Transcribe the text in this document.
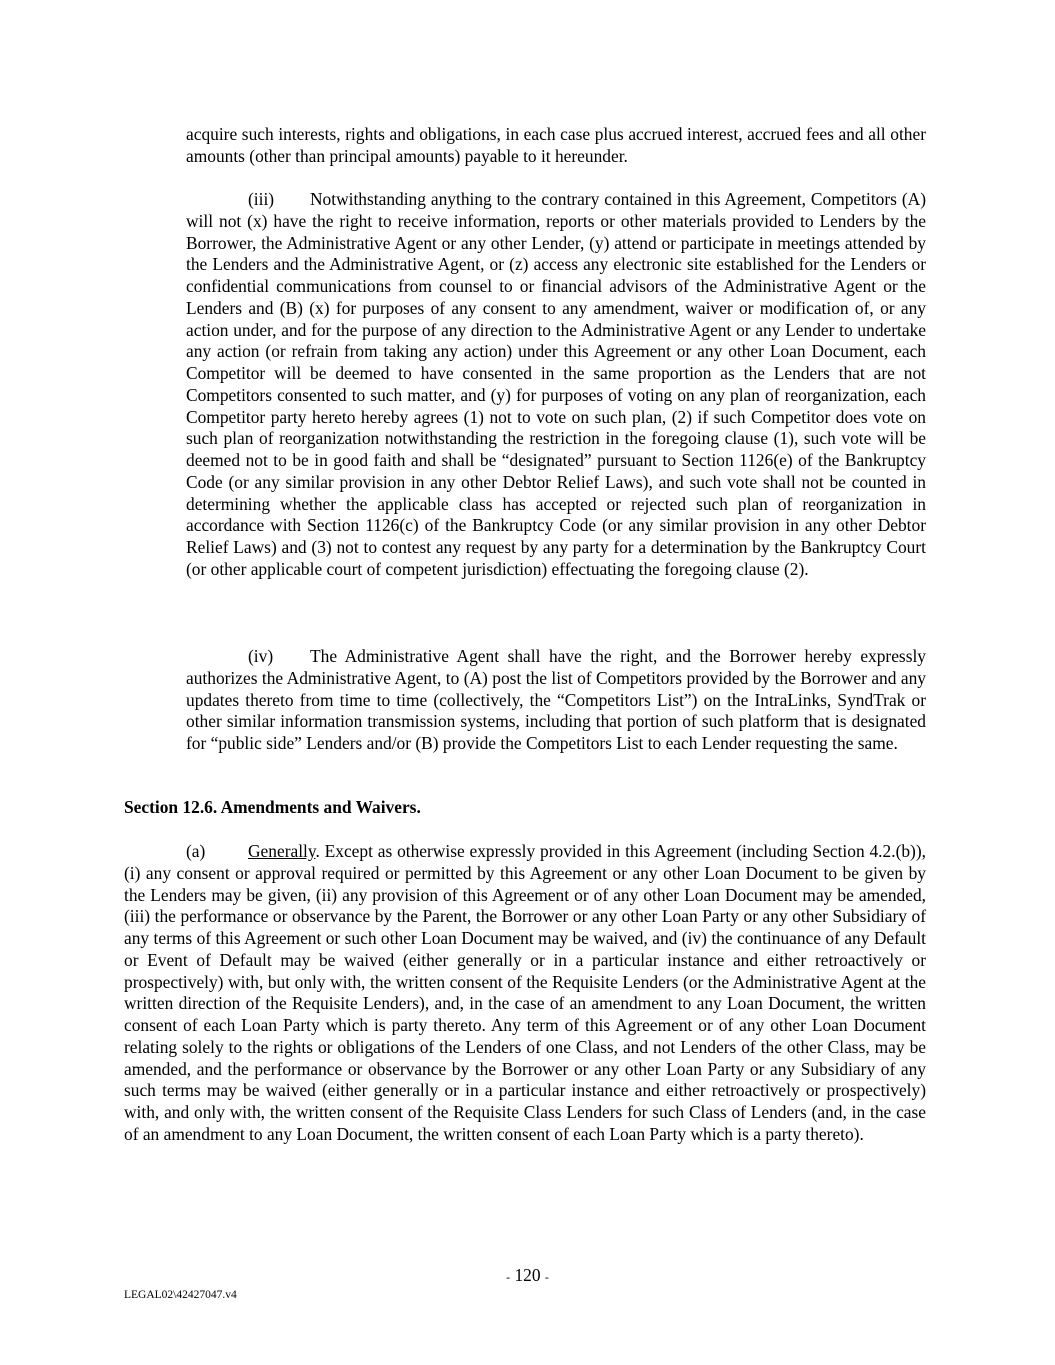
acquire such interests, rights and obligations, in each case plus accrued interest, accrued fees and all other amounts (other than principal amounts) payable to it hereunder.

(iii) Notwithstanding anything to the contrary contained in this Agreement, Competitors (A) will not (x) have the right to receive information, reports or other materials provided to Lenders by the Borrower, the Administrative Agent or any other Lender, (y) attend or participate in meetings attended by the Lenders and the Administrative Agent, or (z) access any electronic site established for the Lenders or confidential communications from counsel to or financial advisors of the Administrative Agent or the Lenders and (B) (x) for purposes of any consent to any amendment, waiver or modification of, or any action under, and for the purpose of any direction to the Administrative Agent or any Lender to undertake any action (or refrain from taking any action) under this Agreement or any other Loan Document, each Competitor will be deemed to have consented in the same proportion as the Lenders that are not Competitors consented to such matter, and (y) for purposes of voting on any plan of reorganization, each Competitor party hereto hereby agrees (1) not to vote on such plan, (2) if such Competitor does vote on such plan of reorganization notwithstanding the restriction in the foregoing clause (1), such vote will be deemed not to be in good faith and shall be “designated” pursuant to Section 1126(e) of the Bankruptcy Code (or any similar provision in any other Debtor Relief Laws), and such vote shall not be counted in determining whether the applicable class has accepted or rejected such plan of reorganization in accordance with Section 1126(c) of the Bankruptcy Code (or any similar provision in any other Debtor Relief Laws) and (3) not to contest any request by any party for a determination by the Bankruptcy Court (or other applicable court of competent jurisdiction) effectuating the foregoing clause (2).

(iv) The Administrative Agent shall have the right, and the Borrower hereby expressly authorizes the Administrative Agent, to (A) post the list of Competitors provided by the Borrower and any updates thereto from time to time (collectively, the “Competitors List”) on the IntraLinks, SyndTrak or other similar information transmission systems, including that portion of such platform that is designated for “public side” Lenders and/or (B) provide the Competitors List to each Lender requesting the same.

Section 12.6. Amendments and Waivers.

(a) Generally. Except as otherwise expressly provided in this Agreement (including Section 4.2.(b)), (i) any consent or approval required or permitted by this Agreement or any other Loan Document to be given by the Lenders may be given, (ii) any provision of this Agreement or of any other Loan Document may be amended, (iii) the performance or observance by the Parent, the Borrower or any other Loan Party or any other Subsidiary of any terms of this Agreement or such other Loan Document may be waived, and (iv) the continuance of any Default or Event of Default may be waived (either generally or in a particular instance and either retroactively or prospectively) with, but only with, the written consent of the Requisite Lenders (or the Administrative Agent at the written direction of the Requisite Lenders), and, in the case of an amendment to any Loan Document, the written consent of each Loan Party which is party thereto. Any term of this Agreement or of any other Loan Document relating solely to the rights or obligations of the Lenders of one Class, and not Lenders of the other Class, may be amended, and the performance or observance by the Borrower or any other Loan Party or any Subsidiary of any such terms may be waived (either generally or in a particular instance and either retroactively or prospectively) with, and only with, the written consent of the Requisite Class Lenders for such Class of Lenders (and, in the case of an amendment to any Loan Document, the written consent of each Loan Party which is a party thereto).

- 120 -
LEGAL02\42427047.v4
